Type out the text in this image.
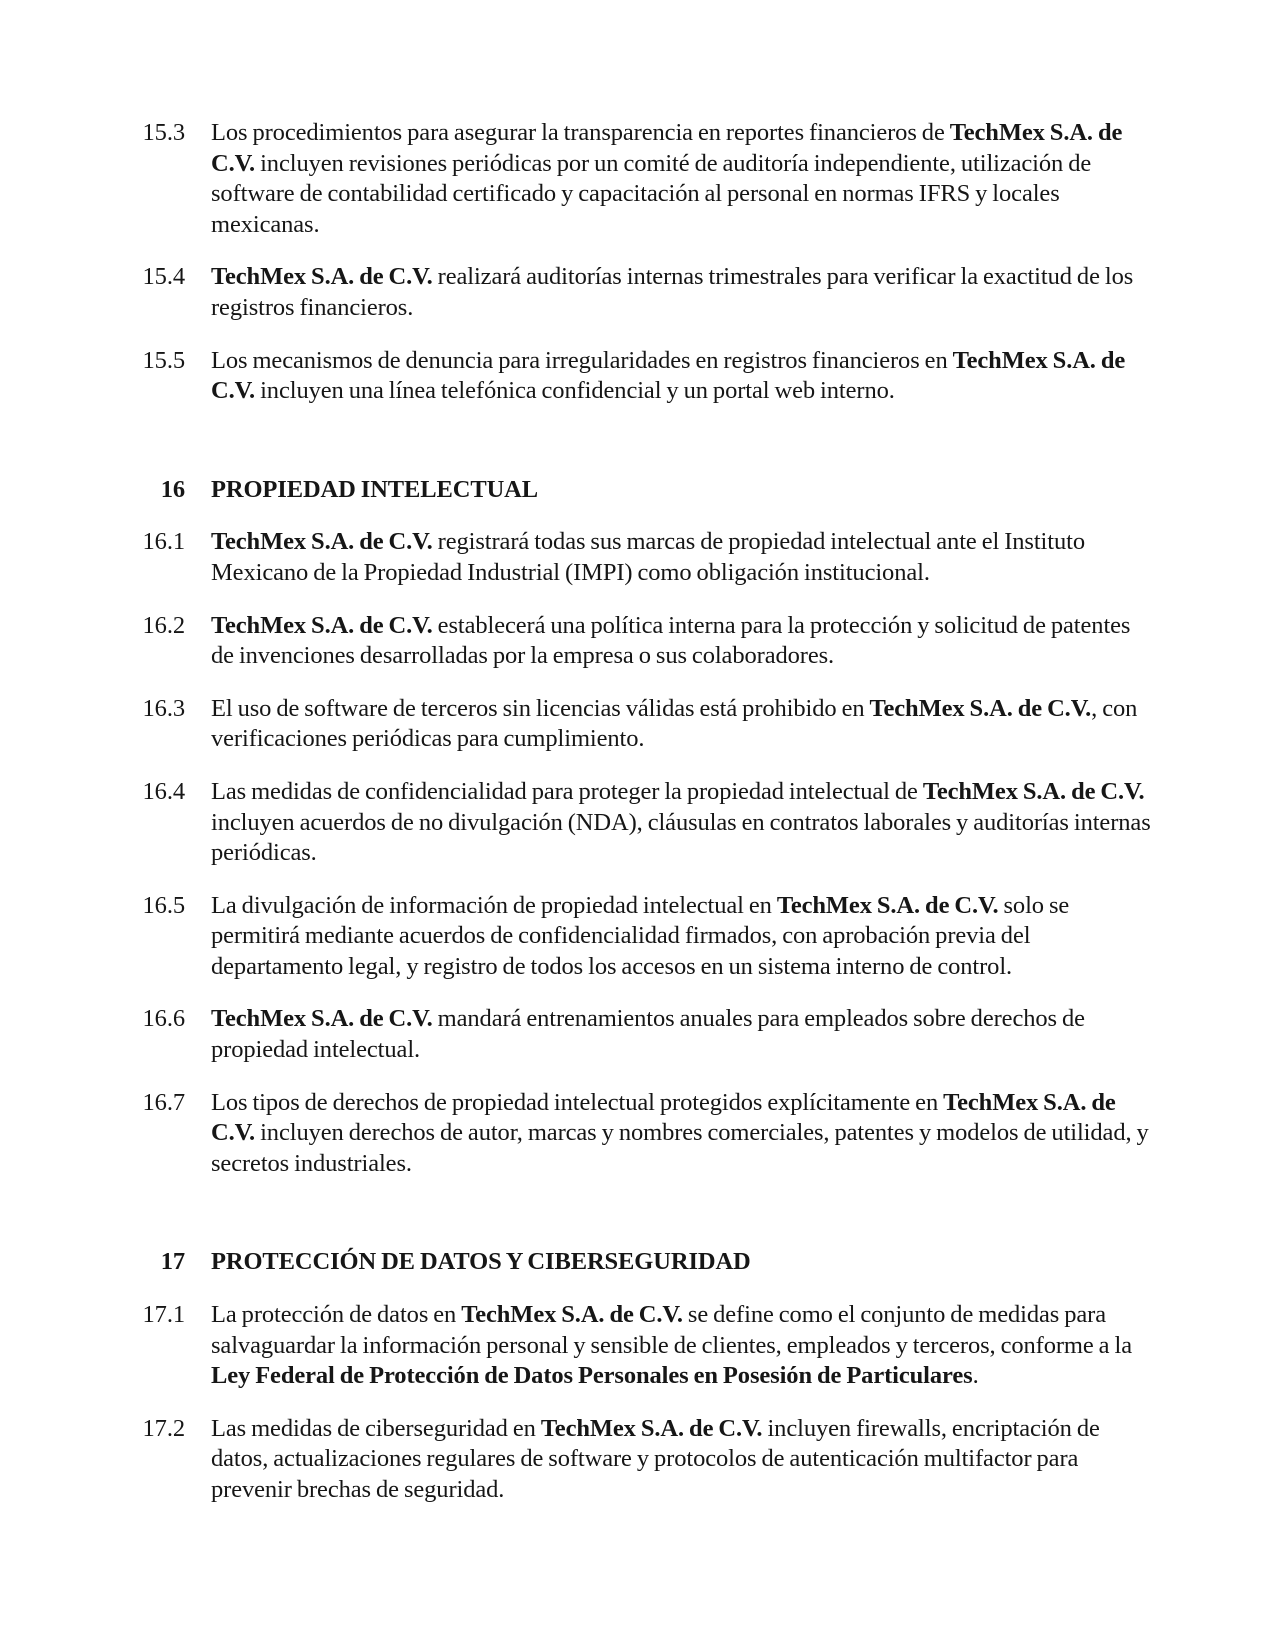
15.3	Los procedimientos para asegurar la transparencia en reportes financieros de TechMex S.A. de C.V. incluyen revisiones periódicas por un comité de auditoría independiente, utilización de software de contabilidad certificado y capacitación al personal en normas IFRS y locales mexicanas.
15.4	TechMex S.A. de C.V. realizará auditorías internas trimestrales para verificar la exactitud de los registros financieros.
15.5	Los mecanismos de denuncia para irregularidades en registros financieros en TechMex S.A. de C.V. incluyen una línea telefónica confidencial y un portal web interno.
16	PROPIEDAD INTELECTUAL
16.1	TechMex S.A. de C.V. registrará todas sus marcas de propiedad intelectual ante el Instituto Mexicano de la Propiedad Industrial (IMPI) como obligación institucional.
16.2	TechMex S.A. de C.V. establecerá una política interna para la protección y solicitud de patentes de invenciones desarrolladas por la empresa o sus colaboradores.
16.3	El uso de software de terceros sin licencias válidas está prohibido en TechMex S.A. de C.V., con verificaciones periódicas para cumplimiento.
16.4	Las medidas de confidencialidad para proteger la propiedad intelectual de TechMex S.A. de C.V. incluyen acuerdos de no divulgación (NDA), cláusulas en contratos laborales y auditorías internas periódicas.
16.5	La divulgación de información de propiedad intelectual en TechMex S.A. de C.V. solo se permitirá mediante acuerdos de confidencialidad firmados, con aprobación previa del departamento legal, y registro de todos los accesos en un sistema interno de control.
16.6	TechMex S.A. de C.V. mandará entrenamientos anuales para empleados sobre derechos de propiedad intelectual.
16.7	Los tipos de derechos de propiedad intelectual protegidos explícitamente en TechMex S.A. de C.V. incluyen derechos de autor, marcas y nombres comerciales, patentes y modelos de utilidad, y secretos industriales.
17	PROTECCIÓN DE DATOS Y CIBERSEGURIDAD
17.1	La protección de datos en TechMex S.A. de C.V. se define como el conjunto de medidas para salvaguardar la información personal y sensible de clientes, empleados y terceros, conforme a la Ley Federal de Protección de Datos Personales en Posesión de Particulares.
17.2	Las medidas de ciberseguridad en TechMex S.A. de C.V. incluyen firewalls, encriptación de datos, actualizaciones regulares de software y protocolos de autenticación multifactor para prevenir brechas de seguridad.
